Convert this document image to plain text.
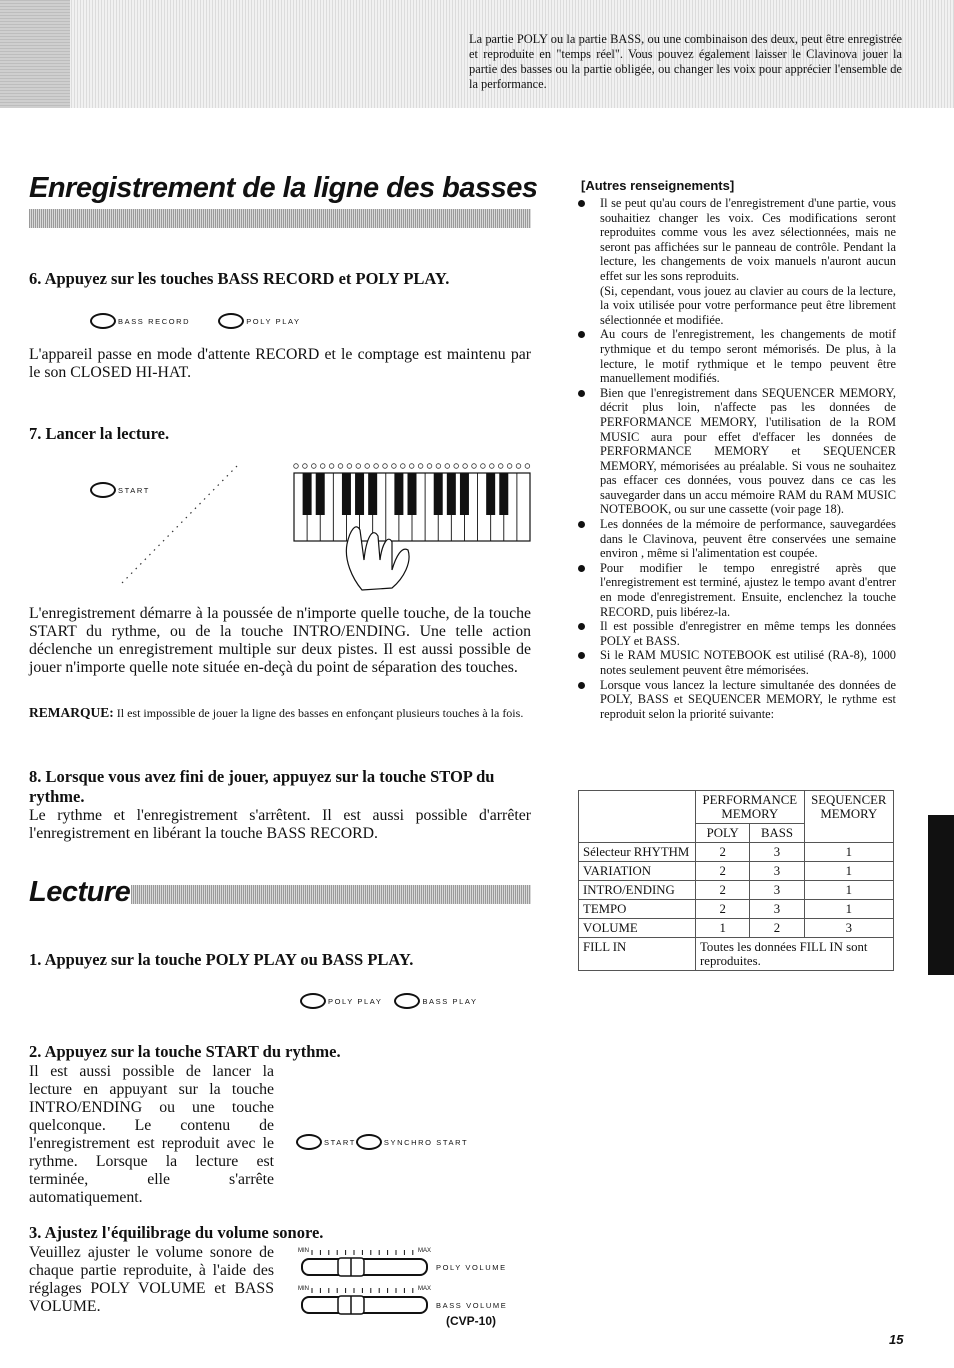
La partie POLY ou la partie BASS, ou une combinaison des deux, peut être enregistrée et reproduite en "temps réel". Vous pouvez également laisser le Clavinova jouer la partie des basses ou la partie obligée, ou changer les voix pour apprécier l'ensemble de la performance.
Enregistrement de la ligne des basses
6. Appuyez sur les touches BASS RECORD et POLY PLAY.
BASS RECORD	POLY PLAY
L'appareil passe en mode d'attente RECORD et le comptage est maintenu par le son CLOSED HI-HAT.
7. Lancer la lecture.
START
L'enregistrement démarre à la poussée de n'importe quelle touche, de la touche START du rythme, ou de la touche INTRO/ENDING. Une telle action déclenche un enregistrement multiple sur deux pistes. Il est aussi possible de jouer n'importe quelle note située en-deçà du point de séparation des touches.
REMARQUE: Il est impossible de jouer la ligne des basses en enfonçant plusieurs touches à la fois.
8. Lorsque vous avez fini de jouer, appuyez sur la touche STOP du rythme.
Le rythme et l'enregistrement s'arrêtent. Il est aussi possible d'arrêter l'enregistrement en libérant la touche BASS RECORD.
Lecture
1. Appuyez sur la touche POLY PLAY ou BASS PLAY.
POLY PLAY	BASS PLAY
2. Appuyez sur la touche START du rythme.
Il est aussi possible de lancer la lecture en appuyant sur la touche INTRO/ENDING ou une touche quelconque. Le contenu de l'enregistrement est reproduit avec le rythme. Lorsque la lecture est terminée, elle s'arrête automatiquement.
START	SYNCHRO START
3. Ajustez l'équilibrage du volume sonore.
Veuillez ajuster le volume sonore de chaque partie reproduite, à l'aide des réglages POLY VOLUME et BASS VOLUME.
MIN	MAX
POLY VOLUME
MIN	MAX
BASS VOLUME
(CVP-10)
[Autres renseignements]
Il se peut qu'au cours de l'enregistrement d'une partie, vous souhaitiez changer les voix. Ces modifications seront reproduites comme vous les avez sélectionnées, mais ne seront pas affichées sur le panneau de contrôle. Pendant la lecture, les changements de voix manuels n'auront aucun effet sur les sons reproduits.
(Si, cependant, vous jouez au clavier au cours de la lecture, la voix utilisée pour votre performance peut être librement sélectionnée et modifiée.
Au cours de l'enregistrement, les changements de motif rythmique et du tempo seront mémorisés. De plus, à la lecture, le motif rythmique et le tempo peuvent être manuellement modifiés.
Bien que l'enregistrement dans SEQUENCER MEMORY, décrit plus loin, n'affecte pas les données de PERFORMANCE MEMORY, l'utilisation de la ROM MUSIC aura pour effet d'effacer les données de PERFORMANCE MEMORY et SEQUENCER MEMORY, mémorisées au préalable. Si vous ne souhaitez pas effacer ces données, vous pouvez dans ce cas les sauvegarder dans un accu mémoire RAM du RAM MUSIC NOTEBOOK, ou sur une cassette (voir page 18).
Les données de la mémoire de performance, sauvegardées dans le Clavinova, peuvent être conservées une semaine environ , même si l'alimentation est coupée.
Pour modifier le tempo enregistré après que l'enregistrement est terminé, ajustez le tempo avant d'entrer en mode d'enregistrement. Ensuite, enclenchez la touche RECORD, puis libérez-la.
Il est possible d'enregistrer en même temps les données POLY et BASS.
Si le RAM MUSIC NOTEBOOK est utilisé (RA-8), 1000 notes seulement peuvent être mémorisées.
Lorsque vous lancez la lecture simultanée des données de POLY, BASS et SEQUENCER MEMORY, le rythme est reproduit selon la priorité suivante:
	PERFORMANCE MEMORY		SEQUENCER MEMORY
	POLY	BASS	
Sélecteur RHYTHM	2	3	1
VARIATION	2	3	1
INTRO/ENDING	2	3	1
TEMPO	2	3	1
VOLUME	1	2	3
FILL IN	Toutes les données FILL IN sont reproduites.		
15
